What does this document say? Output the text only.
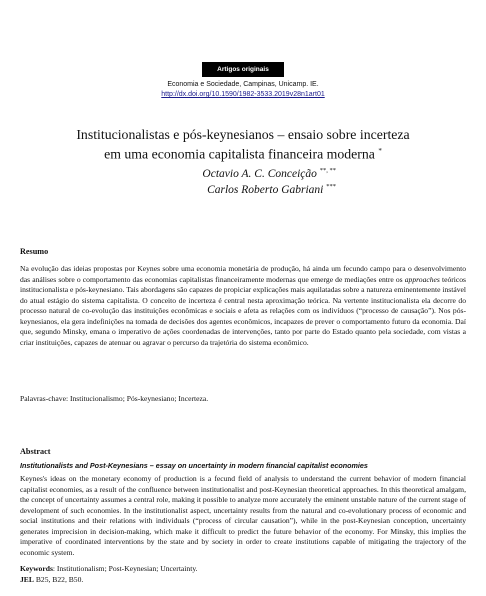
Artigos originais
Economia e Sociedade, Campinas, Unicamp. IE.
http://dx.doi.org/10.1590/1982-3533.2019v28n1art01
Institucionalistas e pós-keynesianos – ensaio sobre incerteza
em uma economia capitalista financeira moderna *
Octavio A. C. Conceição **, **
Carlos Roberto Gabriani ***
Resumo
Na evolução das ideias propostas por Keynes sobre uma economia monetária de produção, há ainda um fecundo campo para o desenvolvimento das análises sobre o comportamento das economias capitalistas financeiramente modernas que emerge de mediações entre os approaches teóricos institucionalista e pós-keynesiano. Tais abordagens são capazes de propiciar explicações mais aquilatadas sobre a natureza eminentemente instável do atual estágio do sistema capitalista. O conceito de incerteza é central nesta aproximação teórica. Na vertente institucionalista ela decorre do processo natural de co-evolução das instituições econômicas e sociais e afeta as relações com os indivíduos (“processo de causação”). Nos pós-keynesianos, ela gera indefinições na tomada de decisões dos agentes econômicos, incapazes de prever o comportamento futuro da economia. Daí que, segundo Minsky, emana o imperativo de ações coordenadas de intervenções, tanto por parte do Estado quanto pela sociedade, com vistas a criar instituições, capazes de atenuar ou agravar o percurso da trajetória do sistema econômico.
Palavras-chave: Institucionalismo; Pós-keynesiano; Incerteza.
Abstract
Institutionalists and Post-Keynesians – essay on uncertainty in modern financial capitalist economies
Keynes's ideas on the monetary economy of production is a fecund field of analysis to understand the current behavior of modern financial capitalist economies, as a result of the confluence between institutionalist and post-Keynesian theoretical approaches. In this theoretical amalgam, the concept of uncertainty assumes a central role, making it possible to analyze more accurately the eminent unstable nature of the current stage of development of such economies. In the institutionalist aspect, uncertainty results from the natural and co-evolutionary process of economic and social institutions and their relations with individuals (“process of circular causation”), while in the post-Keynesian conception, uncertainty generates imprecision in decision-making, which make it difficult to predict the future behavior of the economy. For Minsky, this implies the imperative of coordinated interventions by the state and by society in order to create institutions capable of mitigating the trajectory of the economic system.
Keywords: Institutionalism; Post-Keynesian; Uncertainty.
JEL B25, B22, B50.
